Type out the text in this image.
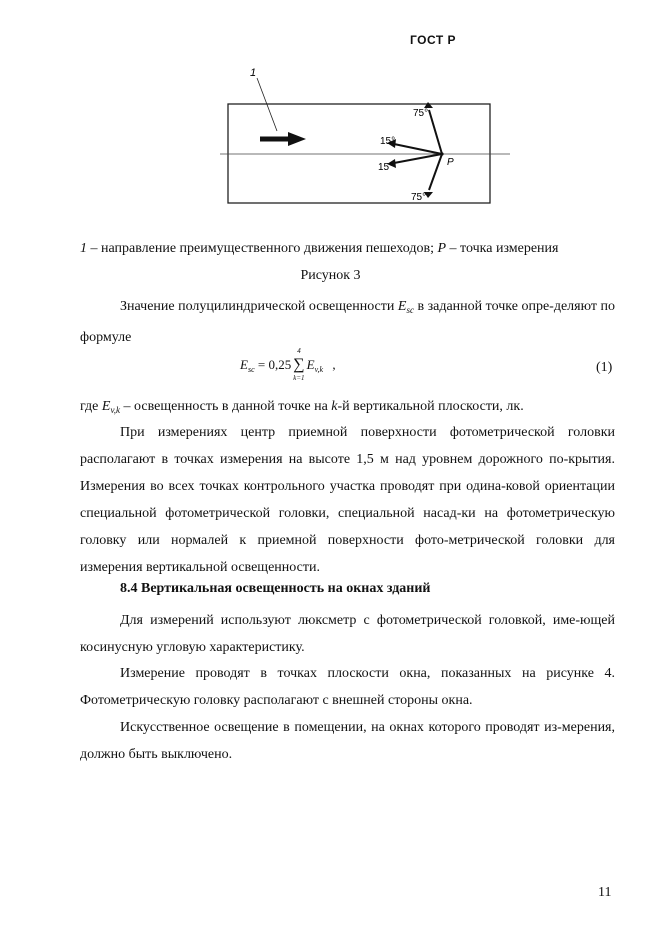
ГОСТ Р
1
P
75°
15°
15°
75°
1 – направление преимущественного движения пешеходов; P – точка измерения
Рисунок 3
Значение полуцилиндрической освещенности $E_{sc}$ в заданной точке опре-деляют по формуле
$E_{sc} = 0,25$ ∑
4
k=1
$E_{v,k}$ ,	(1)
где $E_{v,k}$ – освещенность в данной точке на k-й вертикальной плоскости, лк.
При измерениях центр приемной поверхности фотометрической головки располагают в точках измерения на высоте 1,5 м над уровнем дорожного по-крытия. Измерения во всех точках контрольного участка проводят при одина-ковой ориентации специальной фотометрической головки, специальной насад-ки на фотометрическую головку или нормалей к приемной поверхности фото-метрической головки для измерения вертикальной освещенности.
8.4 Вертикальная освещенность на окнах зданий
Для измерений используют люксметр с фотометрической головкой, име-ющей косинусную угловую характеристику.
Измерение проводят в точках плоскости окна, показанных на рисунке 4. Фотометрическую головку располагают с внешней стороны окна.
Искусственное освещение в помещении, на окнах которого проводят из-мерения, должно быть выключено.
11
